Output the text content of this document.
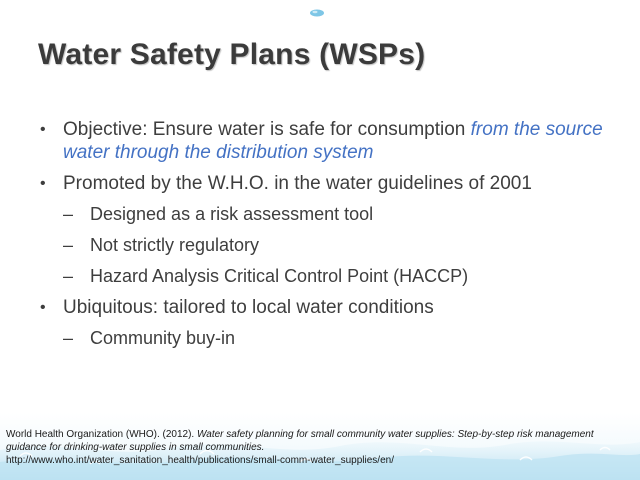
Water Safety Plans (WSPs)
• Objective: Ensure water is safe for consumption from the source water through the distribution system
• Promoted by the W.H.O. in the water guidelines of 2001
– Designed as a risk assessment tool
– Not strictly regulatory
– Hazard Analysis Critical Control Point (HACCP)
• Ubiquitous: tailored to local water conditions
– Community buy-in
World Health Organization (WHO). (2012). Water safety planning for small community water supplies: Step-by-step risk management guidance for drinking-water supplies in small communities.
http://www.who.int/water_sanitation_health/publications/small-comm-water_supplies/en/
